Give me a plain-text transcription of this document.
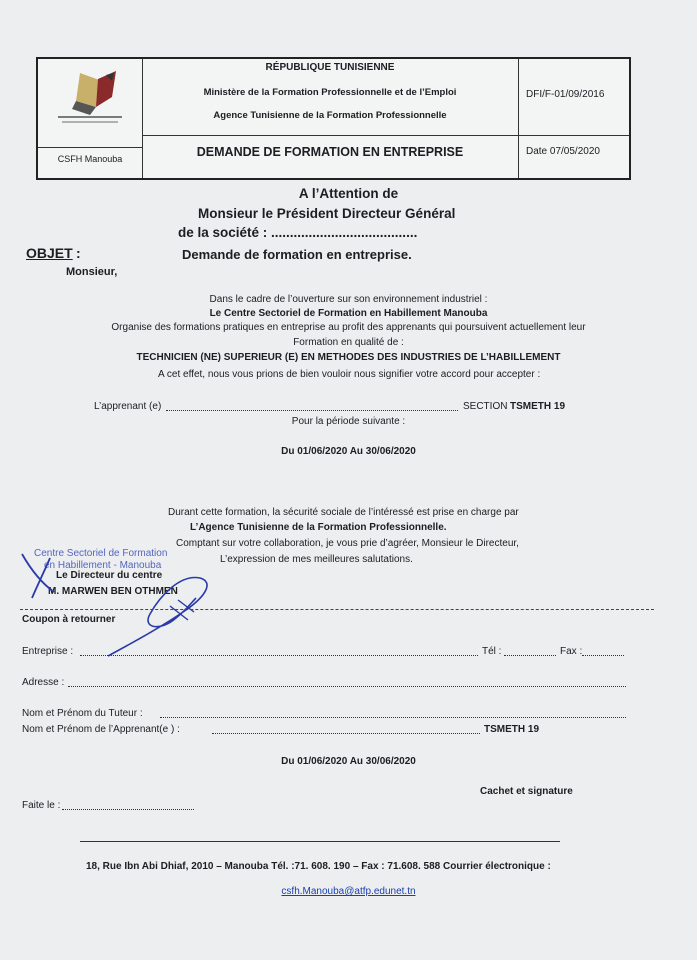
CSFH Manouba
RÉPUBLIQUE TUNISIENNE
Ministère de la Formation Professionnelle et de l’Emploi
Agence Tunisienne de la Formation Professionnelle
DEMANDE DE FORMATION EN ENTREPRISE
DFI/F-01/09/2016
Date 07/05/2020
A l’Attention de
Monsieur le Président Directeur Général
de la société : .......................................
OBJET :	Demande de formation en entreprise.
Monsieur,
Dans le cadre de l’ouverture sur son environnement industriel :
Le Centre Sectoriel de Formation en Habillement Manouba
Organise des formations pratiques en entreprise au profit des apprenants qui poursuivent actuellement leur
Formation en qualité de :
TECHNICIEN (NE) SUPERIEUR (E) EN METHODES DES INDUSTRIES DE L’HABILLEMENT
A cet effet, nous vous prions de bien vouloir nous signifier votre accord pour accepter :
L’apprenant (e)	SECTION TSMETH 19
Pour la période suivante :
Du 01/06/2020 Au 30/06/2020
Durant cette formation, la sécurité sociale de l’intéressé est prise en charge par
L’Agence Tunisienne de la Formation Professionnelle.
Comptant sur votre collaboration, je vous prie d’agréer, Monsieur le Directeur,
L’expression de mes meilleures salutations.
Centre Sectoriel de Formation
en Habillement - Manouba
Le Directeur du centre
M. MARWEN BEN OTHMEN
Coupon à retourner
Entreprise :	Tél :	Fax :
Adresse :
Nom et Prénom du Tuteur :
Nom et Prénom de l’Apprenant(e ) :	TSMETH 19
Du 01/06/2020 Au 30/06/2020
Cachet et signature
Faite le :
18, Rue Ibn Abi Dhiaf, 2010 – Manouba Tél. :71. 608. 190 – Fax : 71.608. 588 Courrier électronique :
csfh.Manouba@atfp.edunet.tn
